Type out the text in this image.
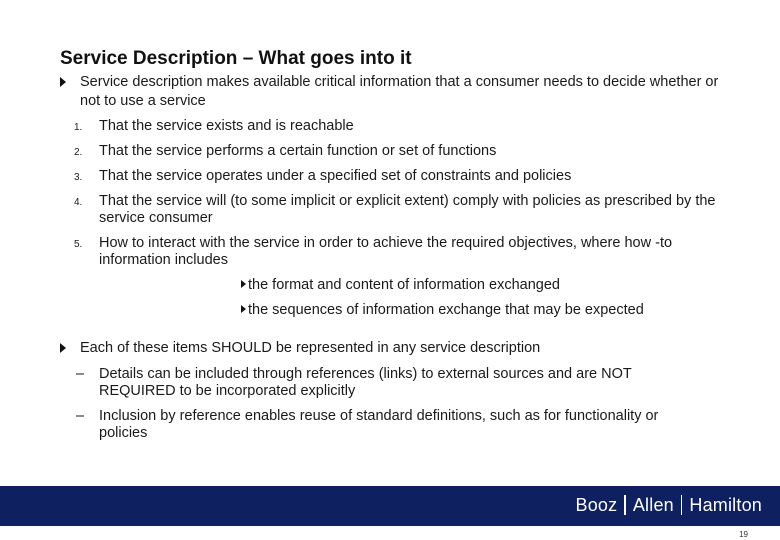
Service Description – What goes into it
Service description makes available critical information that a consumer needs to decide whether or not to use a service
1. That the service exists and is reachable
2. That the service performs a certain function or set of functions
3. That the service operates under a specified set of constraints and policies
4. That the service will (to some implicit or explicit extent) comply with policies as prescribed by the service consumer
5. How to interact with the service in order to achieve the required objectives, where how -to information includes
the format and content of information exchanged
the sequences of information exchange that may be expected
Each of these items SHOULD be represented in any service description
– Details can be included through references (links) to external sources and are NOT REQUIRED to be incorporated explicitly
– Inclusion by reference enables reuse of standard definitions, such as for functionality or policies
Booz Allen Hamilton
19
